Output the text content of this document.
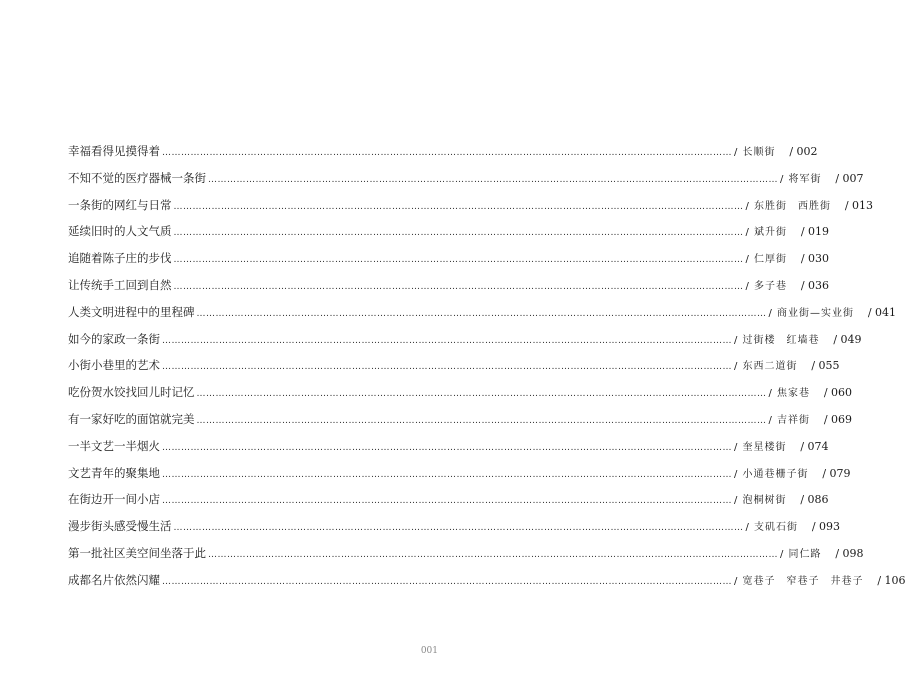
幸福看得见摸得着 ……………………………………………………………………………………………………………………………………………………………… / 长顺街	/ 002
不知不觉的医疗器械一条街 ……………………………………………………………………………………………………………………………………………………………… / 将军街	/ 007
一条街的网红与日常 ……………………………………………………………………………………………………………………………………………………………… / 东胜街　西胜街	/ 013
延续旧时的人文气质 ……………………………………………………………………………………………………………………………………………………………… / 斌升街	/ 019
追随着陈子庄的步伐 ……………………………………………………………………………………………………………………………………………………………… / 仁厚街	/ 030
让传统手工回到自然 ……………………………………………………………………………………………………………………………………………………………… / 多子巷	/ 036
人类文明进程中的里程碑 ……………………………………………………………………………………………………………………………………………………………… / 商业街—实业街	/ 041
如今的家政一条街 ……………………………………………………………………………………………………………………………………………………………… / 过街楼　红墙巷	/ 049
小街小巷里的艺术 ……………………………………………………………………………………………………………………………………………………………… / 东西二道街	/ 055
吃份贺水饺找回儿时记忆 ……………………………………………………………………………………………………………………………………………………………… / 焦家巷	/ 060
有一家好吃的面馆就完美 ……………………………………………………………………………………………………………………………………………………………… / 吉祥街	/ 069
一半文艺一半烟火 ……………………………………………………………………………………………………………………………………………………………… / 奎星楼街	/ 074
文艺青年的聚集地 ……………………………………………………………………………………………………………………………………………………………… / 小通巷栅子街	/ 079
在街边开一间小店 ……………………………………………………………………………………………………………………………………………………………… / 泡桐树街	/ 086
漫步街头感受慢生活 ……………………………………………………………………………………………………………………………………………………………… / 支矶石街	/ 093
第一批社区美空间坐落于此 ……………………………………………………………………………………………………………………………………………………………… / 同仁路	/ 098
成都名片依然闪耀 ……………………………………………………………………………………………………………………………………………………………… / 宽巷子　窄巷子　井巷子	/ 106
001
